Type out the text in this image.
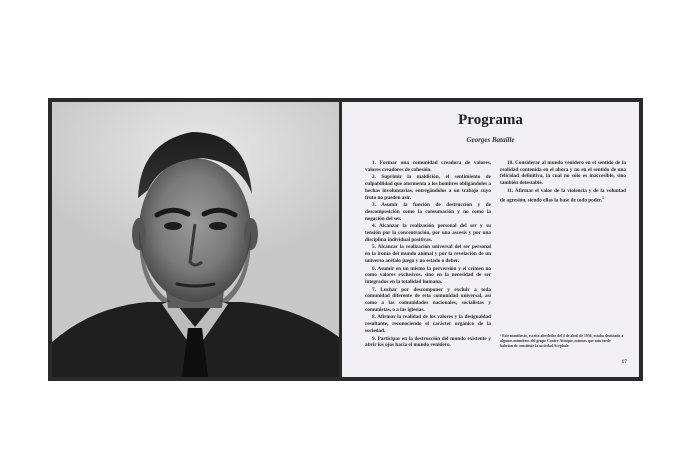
Programa
Georges Bataille

1. Formar una comunidad creadora de valores, valores creadores de cohesión.

2. Suprimir la maldición, el sentimiento de culpabilidad que atormenta a los hombres obligándoles a hechas involuntarias, entregándolos a un trabajo cuyo fruto no pueden asir.

3. Asumir la función de destrucción y de descomposición como la consumación y no como la negación del ser.

4. Alcanzar la realización personal del ser y su tensión por la concentración, por una ascesis y por una disciplina individual positivas.

5. Alcanzar la realización universal del ser personal en la ironía del mundo animal y por la revelación de un universo acéfalo juego y no estado o deber.

6. Asumir en un mismo la perversión y el crimen no como valores exclusivos, sino en la necesidad de ser integrados en la totalidad humana.

7. Luchar por descomponer y excluir a toda comunidad diferente de esta comunidad universal, así como a las comunidades nacionales, socialistas y comunistas, o a las iglesias.

8. Afirmar la realidad de los valores y la desigualdad resultante, reconociendo el carácter orgánico de la sociedad.

9. Participar en la destrucción del mundo existente y abrir los ojos hacia el mundo venidero.

10. Considerar al mundo venidero en el sentido de la realidad contenida en el ahora y no en el sentido de una felicidad definitiva, la cual no sólo es inaccesible, sino también detestable.

11. Afirmar el valor de la violencia y de la voluntad de agresión, siendo ellas la base de todo poder.$^1$

¹ Este manifiesto, escrito alrededor del 4 de abril de 1936, estaba destinado a algunos miembros del grupo Contre-Attaque, mismos que más tarde habrían de constituir la sociedad Acéphale.
17
